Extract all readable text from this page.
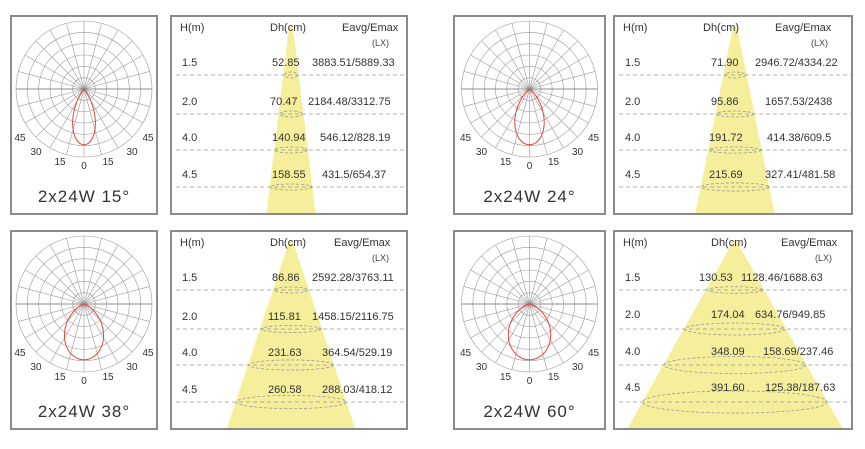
45
30
15 0 15
30
45
2x24W 15°
H(m)	Dh(cm)	Eavg/Emax
(LX)
1.5	52.85 3883.51/5889.33
2.0	70.47 2184.48/3312.75
4.0	140.94 546.12/828.19
4.5	158.55 431.5/654.37
45
30
15 0 15
30
45
2x24W 24°
H(m)	Dh(cm)	Eavg/Emax
(LX)
1.5	71.90 2946.72/4334.22
2.0	95.86 1657.53/2438
4.0	191.72 414.38/609.5
4.5	215.69 327.41/481.58
45
30
15 0 15
30
45
2x24W 38°
H(m)	Dh(cm)	Eavg/Emax
(LX)
1.5	86.86 2592.28/3763.11
2.0	115.81 1458.15/2116.75
4.0	231.63 364.54/529.19
4.5	260.58 288.03/418.12
45
30
15 0 15
30
45
2x24W 60°
H(m)	Dh(cm)	Eavg/Emax
(LX)
1.5	130.53 1128.46/1688.63
2.0	174.04 634.76/949.85
4.0	348.09 158.69/237.46
4.5	391.60 125.38/187.63
